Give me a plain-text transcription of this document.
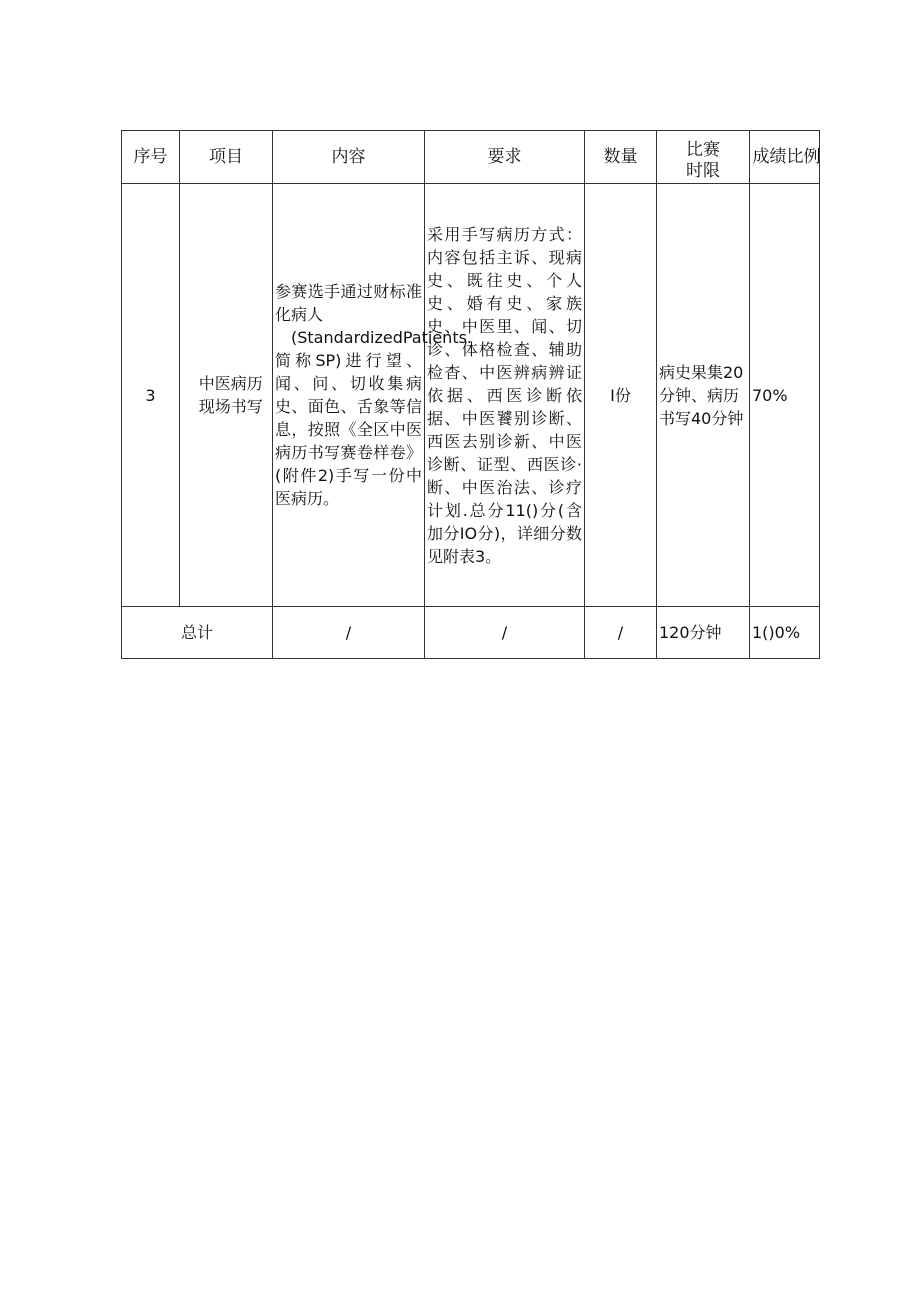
序号	项目	内容	要求	数量	比赛时限	成绩比例

3	中医病历现场书写	参赛选手通过财标准化病人
(StandardizedPatients.简称SP)进行望、闻、问、切收集病史、面色、舌象等信息，按照《全区中医病历书写赛卷样卷》(附件2)手写一份中医病历。	采用手写病历方式：内容包括主诉、现病史、既往史、个人史、婚有史、家族史、中医里、闻、切诊、体格检查、辅助检杳、中医辨病辨证依据、西医诊断依据、中医饕别诊断、西医去别诊新、中医诊断、证型、西医诊·断、中医治法、诊疗计划.总分11()分(含加分IO分)，详细分数见附表3。	I份	病史果集20分钟、病历书写40分钟	70%

总计		/	/	/	120分钟	1()0%
